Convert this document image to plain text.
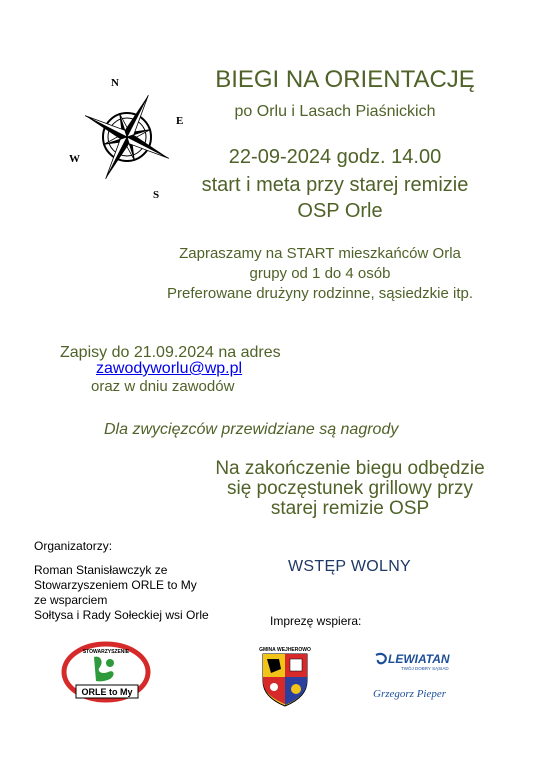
N
E
S
W
BIEGI NA ORIENTACJĘ
po Orlu i Lasach Piaśnickich
22-09-2024 godz. 14.00
start i meta przy starej remizie
OSP Orle
Zapraszamy na START mieszkańców Orla
grupy od 1 do 4 osób
Preferowane drużyny rodzinne, sąsiedzkie itp.
Zapisy do 21.09.2024 na adres
zawodyworlu@wp.pl
oraz w dniu zawodów
Dla zwycięzców przewidziane są nagrody
Na zakończenie biegu odbędzie
się poczęstunek grillowy przy
starej remizie OSP
Organizatorzy:
Roman Stanisławczyk ze
Stowarzyszeniem ORLE to My
ze wsparciem
Sołtysa i Rady Sołeckiej wsi Orle
WSTĘP WOLNY
Imprezę wspiera:
STOWARZYSZENIE
ORLE to My
GMINA WEJHEROWO
LEWIATAN
TWÓJ DOBRY SĄSIAD
Grzegorz Pieper
